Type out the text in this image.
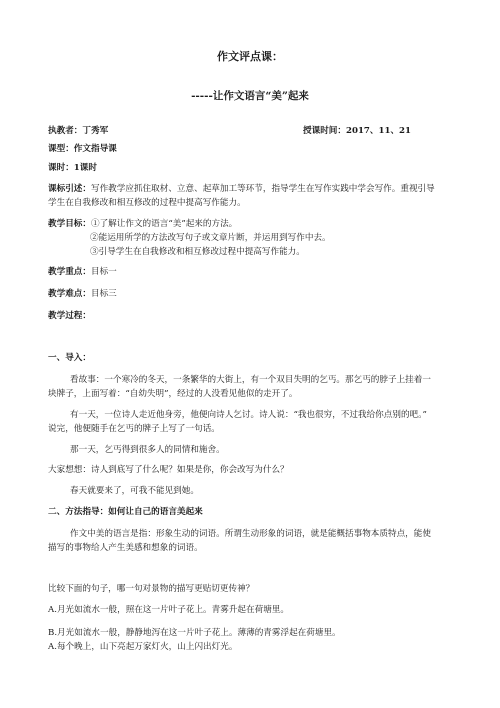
作文评点课：
-----让作文语言“美”起来
执教者：丁秀军	授课时间：2017、11、21
课型：作文指导课
课时：1课时
课标引述：写作教学应抓住取材、立意、起草加工等环节，指导学生在写作实践中学会写作。重视引导
学生在自我修改和相互修改的过程中提高写作能力。
教学目标：①了解让作文的语言“美”起来的方法。
②能运用所学的方法改写句子或文章片断，并运用到写作中去。
③引导学生在自我修改和相互修改过程中提高写作能力。
教学重点：目标一
教学难点：目标三
教学过程：
一、导入：
看故事：一个寒冷的冬天，一条繁华的大街上，有一个双目失明的乞丐。那乞丐的脖子上挂着一
块牌子，上面写着：“自幼失明”，经过的人没看见他似的走开了。
有一天，一位诗人走近他身旁，他便向诗人乞讨。诗人说：“我也很穷，不过我给你点别的吧。”
说完，他便随手在乞丐的牌子上写了一句话。
那一天，乞丐得到很多人的同情和施舍。
大家想想：诗人到底写了什么呢？如果是你，你会改写为什么？
春天就要来了，可我不能见到她。
二、方法指导：如何让自己的语言美起来
作文中美的语言是指：形象生动的词语。所谓生动形象的词语，就是能概括事物本质特点，能使
描写的事物给人产生美感和想象的词语。
比较下面的句子，哪一句对景物的描写更贴切更传神？
A.月光如流水一般，照在这一片叶子花上。青雾升起在荷塘里。
B.月光如流水一般，静静地泻在这一片叶子花上。薄薄的青雾浮起在荷塘里。
A.每个晚上，山下亮起万家灯火，山上闪出灯光。
